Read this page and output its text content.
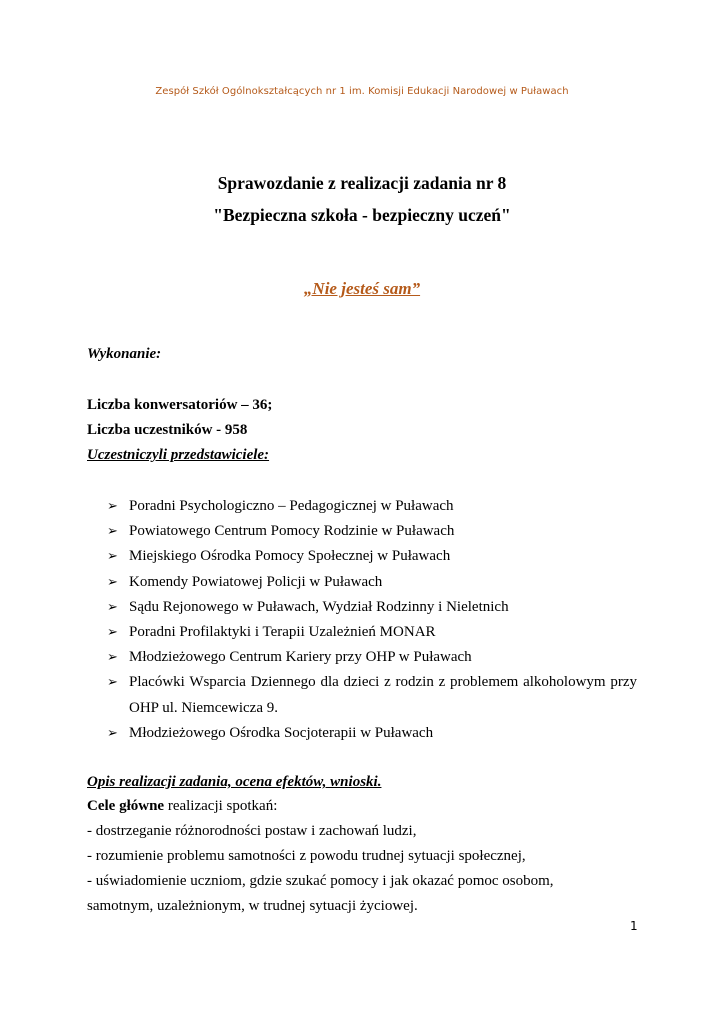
Zespół Szkół Ogólnokształcących nr 1 im. Komisji Edukacji Narodowej w Puławach
Sprawozdanie z realizacji zadania nr 8
"Bezpieczna szkoła - bezpieczny uczeń"
„Nie jesteś sam”
Wykonanie:
Liczba konwersatoriów – 36;
Liczba uczestników - 958
Uczestniczyli przedstawiciele:
➢ Poradni Psychologiczno – Pedagogicznej w Puławach
➢ Powiatowego Centrum Pomocy Rodzinie w Puławach
➢ Miejskiego Ośrodka Pomocy Społecznej w Puławach
➢ Komendy Powiatowej Policji w Puławach
➢ Sądu Rejonowego w Puławach, Wydział Rodzinny i Nieletnich
➢ Poradni Profilaktyki i Terapii Uzależnień MONAR
➢ Młodzieżowego Centrum Kariery przy OHP w Puławach
➢ Placówki Wsparcia Dziennego dla dzieci z rodzin z problemem alkoholowym przy OHP ul. Niemcewicza 9.
➢ Młodzieżowego Ośrodka Socjoterapii w Puławach
Opis realizacji zadania, ocena efektów, wnioski.
Cele główne realizacji spotkań:
- dostrzeganie różnorodności postaw i zachowań ludzi,
- rozumienie problemu samotności z powodu trudnej sytuacji społecznej,
- uświadomienie uczniom, gdzie szukać pomocy i jak okazać pomoc osobom,
samotnym, uzależnionym, w trudnej sytuacji życiowej.
1
